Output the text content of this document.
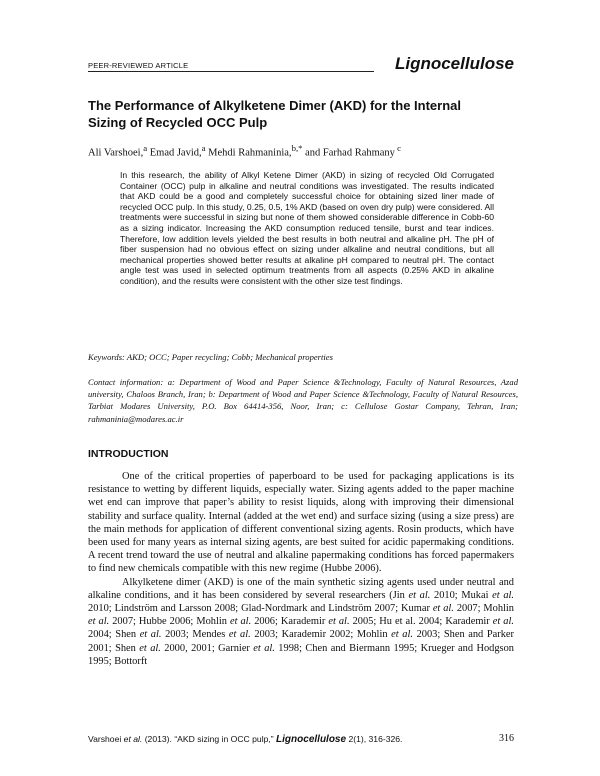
PEER-REVIEWED ARTICLE	Lignocellulose
The Performance of Alkylketene Dimer (AKD) for the Internal
Sizing of Recycled OCC Pulp
Ali Varshoei,$^a$ Emad Javid,$^a$ Mehdi Rahmaninia,$^{b,*}$ and Farhad Rahmany $^c$
In this research, the ability of Alkyl Ketene Dimer (AKD) in sizing of recycled Old Corrugated Container (OCC) pulp in alkaline and neutral conditions was investigated. The results indicated that AKD could be a good and completely successful choice for obtaining sized liner made of recycled OCC pulp. In this study, 0.25, 0.5, 1% AKD (based on oven dry pulp) were considered. All treatments were successful in sizing but none of them showed considerable difference in Cobb-60 as a sizing indicator. Increasing the AKD consumption reduced tensile, burst and tear indices. Therefore, low addition levels yielded the best results in both neutral and alkaline pH. The pH of fiber suspension had no obvious effect on sizing under alkaline and neutral conditions, but all mechanical properties showed better results at alkaline pH compared to neutral pH. The contact angle test was used in selected optimum treatments from all aspects (0.25% AKD in alkaline condition), and the results were consistent with the other size test findings.
Keywords: AKD; OCC; Paper recycling; Cobb; Mechanical properties
Contact information: a: Department of Wood and Paper Science &Technology, Faculty of Natural Resources, Azad university, Chaloos Branch, Iran; b: Department of Wood and Paper Science &Technology, Faculty of Natural Resources, Tarbiat Modares University, P.O. Box 64414-356, Noor, Iran; c: Cellulose Gostar Company, Tehran, Iran; rahmaninia@modares.ac.ir
INTRODUCTION

One of the critical properties of paperboard to be used for packaging applications is its resistance to wetting by different liquids, especially water. Sizing agents added to the paper machine wet end can improve that paper’s ability to resist liquids, along with improving their dimensional stability and surface quality. Internal (added at the wet end) and surface sizing (using a size press) are the main methods for application of different conventional sizing agents. Rosin products, which have been used for many years as internal sizing agents, are best suited for acidic papermaking conditions. A recent trend toward the use of neutral and alkaline papermaking conditions has forced papermakers to find new chemicals compatible with this new regime (Hubbe 2006).

Alkylketene dimer (AKD) is one of the main synthetic sizing agents used under neutral and alkaline conditions, and it has been considered by several researchers (Jin et al. 2010; Mukai et al. 2010; Lindström and Larsson 2008; Glad-Nordmark and Lindström 2007; Kumar et al. 2007; Mohlin et al. 2007; Hubbe 2006; Mohlin et al. 2006; Karademir et al. 2005; Hu et al. 2004; Karademir et al. 2004; Shen et al. 2003; Mendes et al. 2003; Karademir 2002; Mohlin et al. 2003; Shen and Parker 2001; Shen et al. 2000, 2001; Garnier et al. 1998; Chen and Biermann 1995; Krueger and Hodgson 1995; Bottorft

Varshoei et al. (2013). “AKD sizing in OCC pulp,” Lignocellulose 2(1), 316-326.	316
